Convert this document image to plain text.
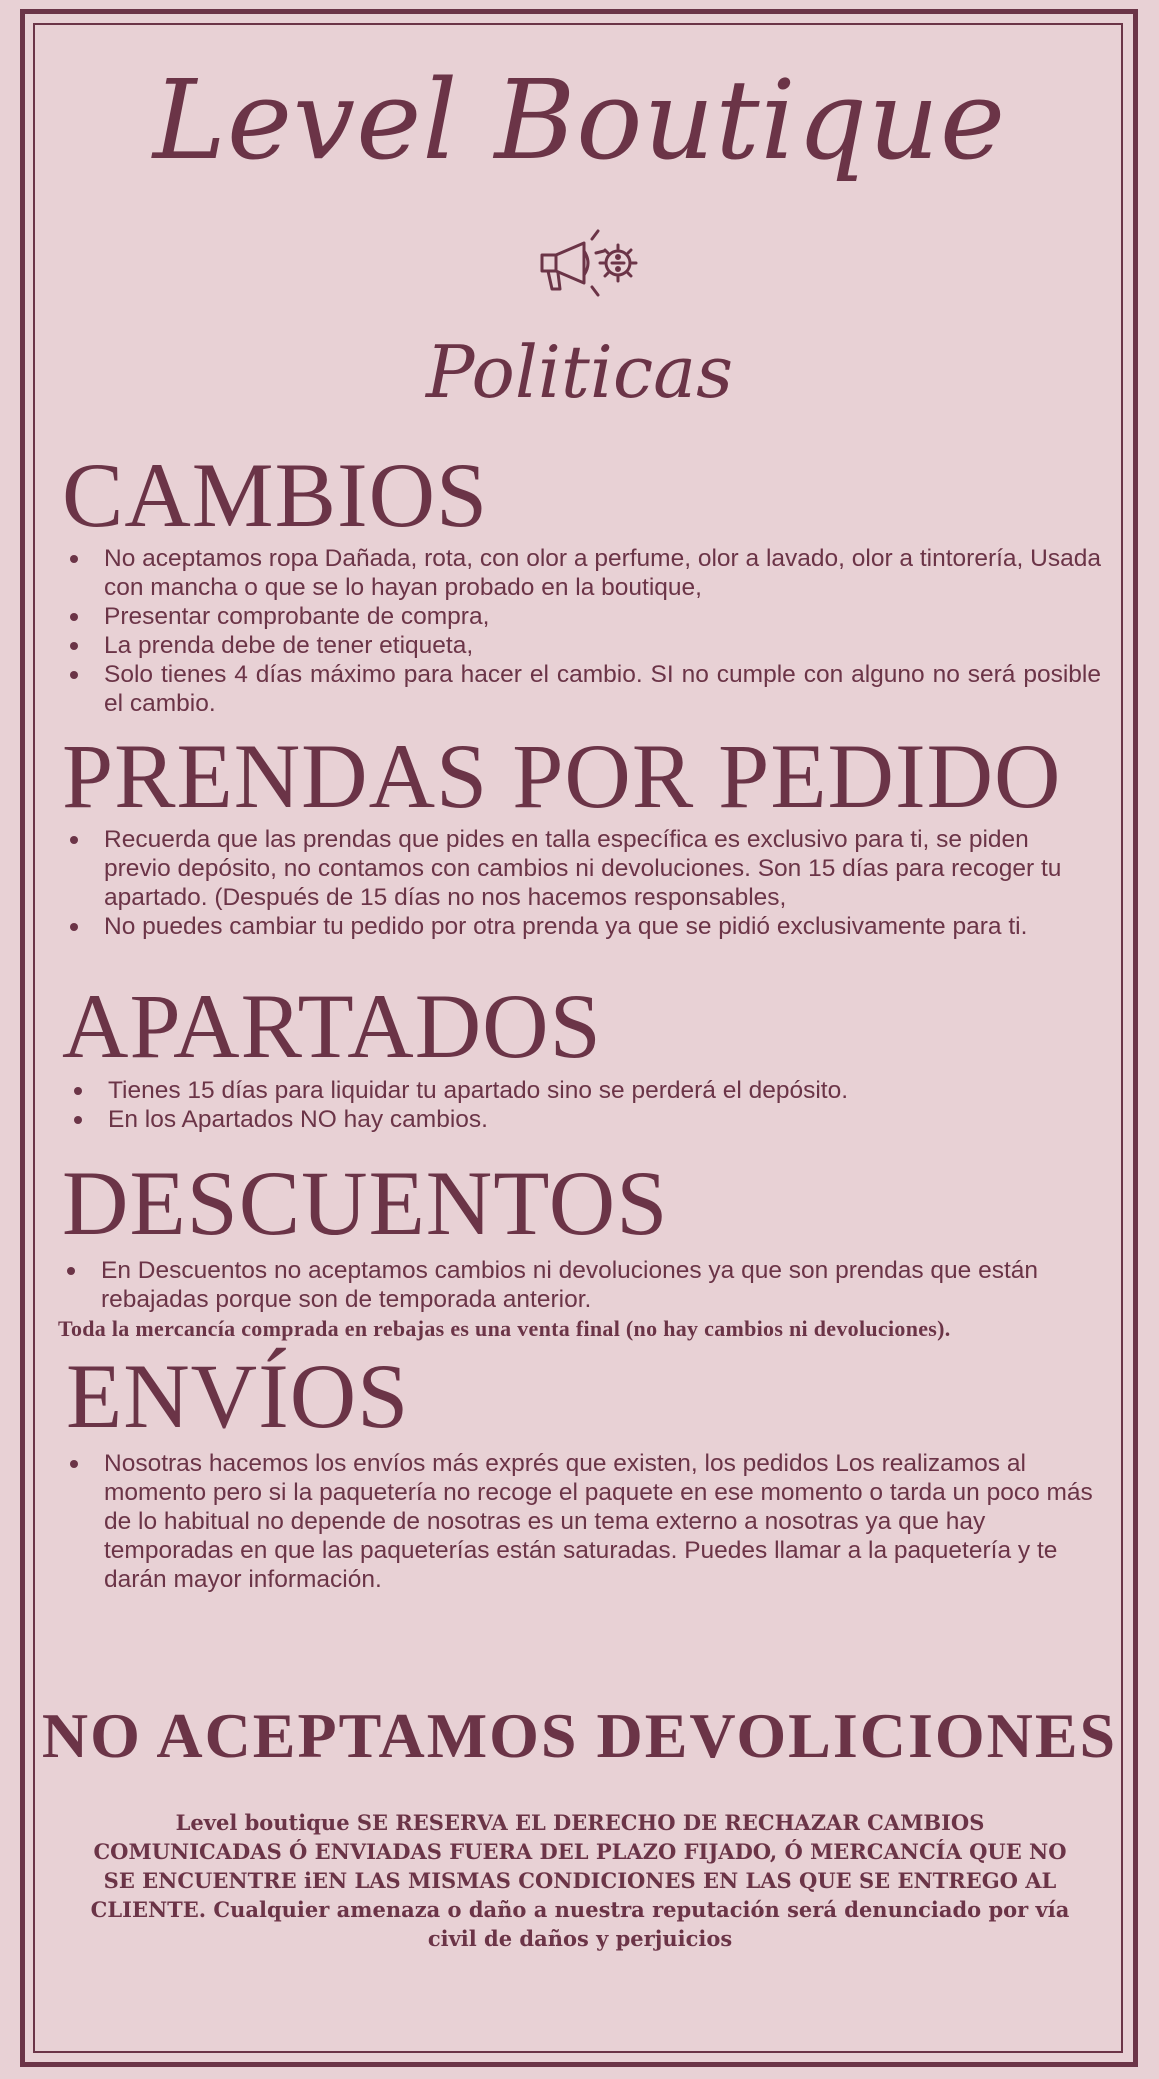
Level Boutique
Politicas
CAMBIOS
No aceptamos ropa Dañada, rota, con olor a perfume, olor a lavado, olor a tintorería, Usada con mancha o que se lo hayan probado en la boutique,
Presentar comprobante de compra,
La prenda debe de tener etiqueta,
Solo tienes 4 días máximo para hacer el cambio. SI no cumple con alguno no será posible el cambio.
PRENDAS POR PEDIDO
Recuerda que las prendas que pides en talla específica es exclusivo para ti, se piden previo depósito, no contamos con cambios ni devoluciones. Son 15 días para recoger tu apartado. (Después de 15 días no nos hacemos responsables,
No puedes cambiar tu pedido por otra prenda ya que se pidió exclusivamente para ti.
APARTADOS
Tienes 15 días para liquidar tu apartado sino se perderá el depósito.
En los Apartados NO hay cambios.
DESCUENTOS
En Descuentos no aceptamos cambios ni devoluciones ya que son prendas que están rebajadas porque son de temporada anterior.
Toda la mercancía comprada en rebajas es una venta final (no hay cambios ni devoluciones).
ENVÍOS
Nosotras hacemos los envíos más exprés que existen, los pedidos Los realizamos al momento pero si la paquetería no recoge el paquete en ese momento o tarda un poco más de lo habitual no depende de nosotras es un tema externo a nosotras ya que hay temporadas en que las paqueterías están saturadas. Puedes llamar a la paquetería y te darán mayor información.
NO ACEPTAMOS DEVOLICIONES
Level boutique SE RESERVA EL DERECHO DE RECHAZAR CAMBIOS COMUNICADAS Ó ENVIADAS FUERA DEL PLAZO FIJADO, Ó MERCANCÍA QUE NO SE ENCUENTRE iEN LAS MISMAS CONDICIONES EN LAS QUE SE ENTREGO AL CLIENTE. Cualquier amenaza o daño a nuestra reputación será denunciado por vía civil de daños y perjuicios
